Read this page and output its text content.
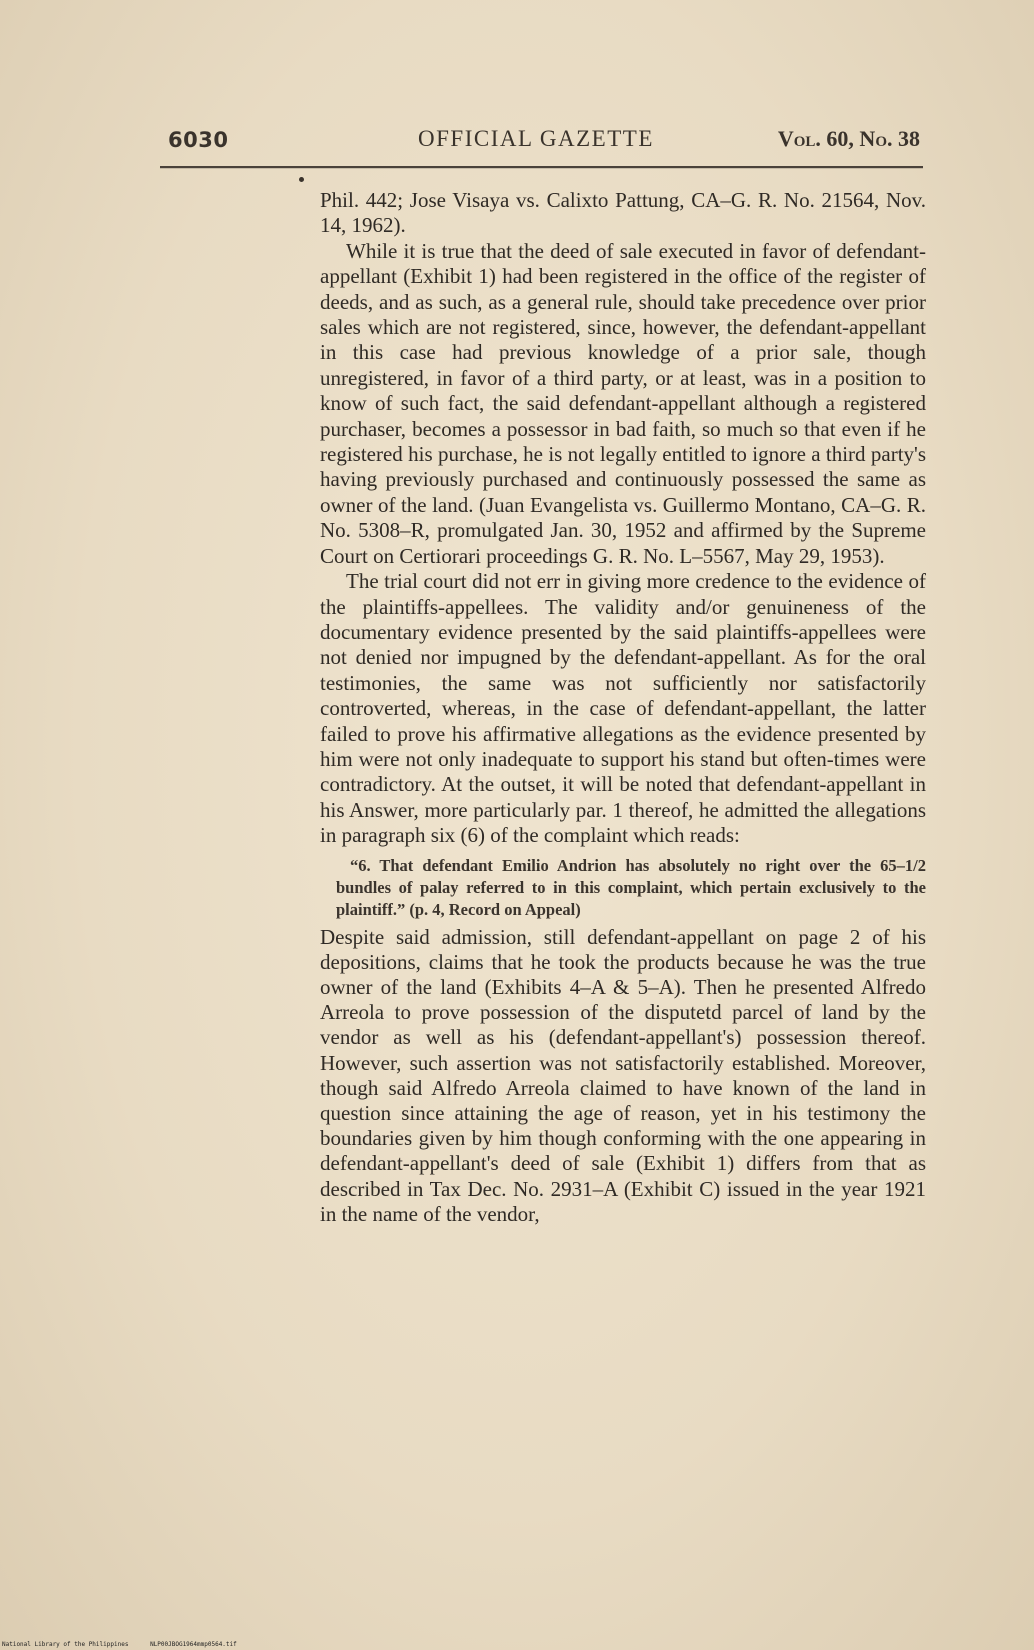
6030	OFFICIAL GAZETTE	Vol. 60, No. 38

Phil. 442; Jose Visaya vs. Calixto Pattung, CA–G. R. No. 21564, Nov. 14, 1962).

While it is true that the deed of sale executed in favor of defendant-appellant (Exhibit 1) had been registered in the office of the register of deeds, and as such, as a general rule, should take precedence over prior sales which are not registered, since, however, the defendant-appellant in this case had previous knowledge of a prior sale, though unregistered, in favor of a third party, or at least, was in a position to know of such fact, the said defendant-appellant although a registered purchaser, becomes a possessor in bad faith, so much so that even if he registered his purchase, he is not legally entitled to ignore a third party's having previously purchased and continuously possessed the same as owner of the land. (Juan Evangelista vs. Guillermo Montano, CA–G. R. No. 5308–R, promulgated Jan. 30, 1952 and affirmed by the Supreme Court on Certiorari proceedings G. R. No. L–5567, May 29, 1953).

The trial court did not err in giving more credence to the evidence of the plaintiffs-appellees. The validity and/or genuineness of the documentary evidence presented by the said plaintiffs-appellees were not denied nor impugned by the defendant-appellant. As for the oral testimonies, the same was not sufficiently nor satisfactorily controverted, whereas, in the case of defendant-appellant, the latter failed to prove his affirmative allegations as the evidence presented by him were not only inadequate to support his stand but often-times were contradictory. At the outset, it will be noted that defendant-appellant in his Answer, more particularly par. 1 thereof, he admitted the allegations in paragraph six (6) of the complaint which reads:

“6. That defendant Emilio Andrion has absolutely no right over the 65–1/2 bundles of palay referred to in this complaint, which pertain exclusively to the plaintiff.” (p. 4, Record on Appeal)

Despite said admission, still defendant-appellant on page 2 of his depositions, claims that he took the products because he was the true owner of the land (Exhibits 4–A & 5–A). Then he presented Alfredo Arreola to prove possession of the disputetd parcel of land by the vendor as well as his (defendant-appellant's) possession thereof. However, such assertion was not satisfactorily established. Moreover, though said Alfredo Arreola claimed to have known of the land in question since attaining the age of reason, yet in his testimony the boundaries given by him though conforming with the one appearing in defendant-appellant's deed of sale (Exhibit 1) differs from that as described in Tax Dec. No. 2931–A (Exhibit C) issued in the year 1921 in the name of the vendor,

National Library of the Philippines	NLP00JBOG1964mmp0564.tif
